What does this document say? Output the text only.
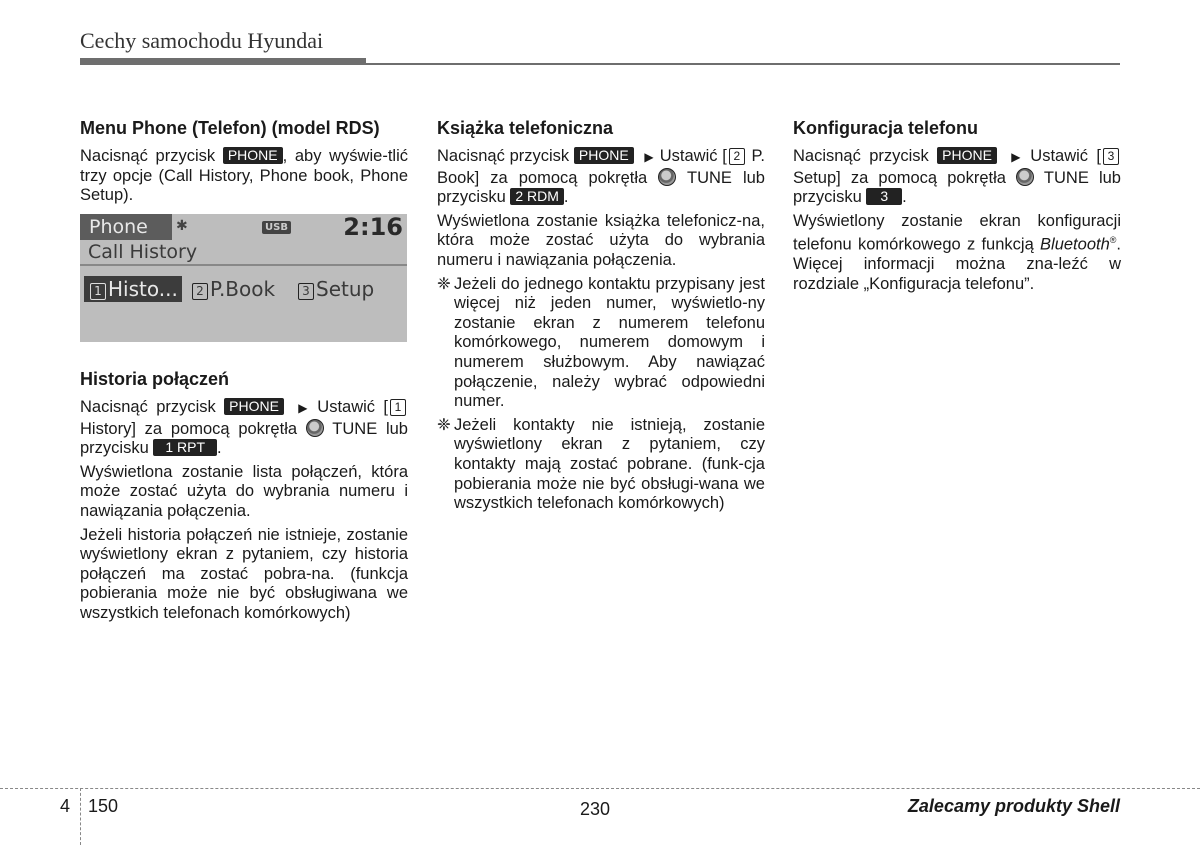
Cechy samochodu Hyundai
Menu Phone (Telefon) (model RDS)

Nacisnąć przycisk PHONE , aby wyświe-tlić trzy opcje (Call History, Phone book, Phone Setup).

Phone	✱	USB 2:16
Call History
1 Histo...	2 P.Book	3 Setup
Historia połączeń

Nacisnąć przycisk PHONE ▶ Ustawić [ 1 History] za pomocą pokrętła TUNE lub przycisku 1 RPT .

Wyświetlona zostanie lista połączeń, która może zostać użyta do wybrania numeru i nawiązania połączenia.

Jeżeli historia połączeń nie istnieje, zostanie wyświetlony ekran z pytaniem, czy historia połączeń ma zostać pobra-na. (funkcja pobierania może nie być obsługiwana we wszystkich telefonach komórkowych)

Książka telefoniczna

Nacisnąć przycisk PHONE ▶ Ustawić [ 2 P. Book] za pomocą pokrętła TUNE lub przycisku 2 RDM .

Wyświetlona zostanie książka telefonicz-na, która może zostać użyta do wybrania numeru i nawiązania połączenia.

❈ Jeżeli do jednego kontaktu przypisany jest więcej niż jeden numer, wyświetlo-ny zostanie ekran z numerem telefonu komórkowego, numerem domowym i numerem służbowym. Aby nawiązać połączenie, należy wybrać odpowiedni numer.

❈ Jeżeli kontakty nie istnieją, zostanie wyświetlony ekran z pytaniem, czy kontakty mają zostać pobrane. (funk-cja pobierania może nie być obsługi-wana we wszystkich telefonach komórkowych)

Konfiguracja telefonu

Nacisnąć przycisk PHONE ▶ Ustawić [ 3 Setup] za pomocą pokrętła TUNE lub przycisku 3 .

Wyświetlony zostanie ekran konfiguracji telefonu komórkowego z funkcją Bluetooth®. Więcej informacji można zna-leźć w rozdziale „Konfiguracja telefonu”.

4 150	230	Zalecamy produkty Shell
